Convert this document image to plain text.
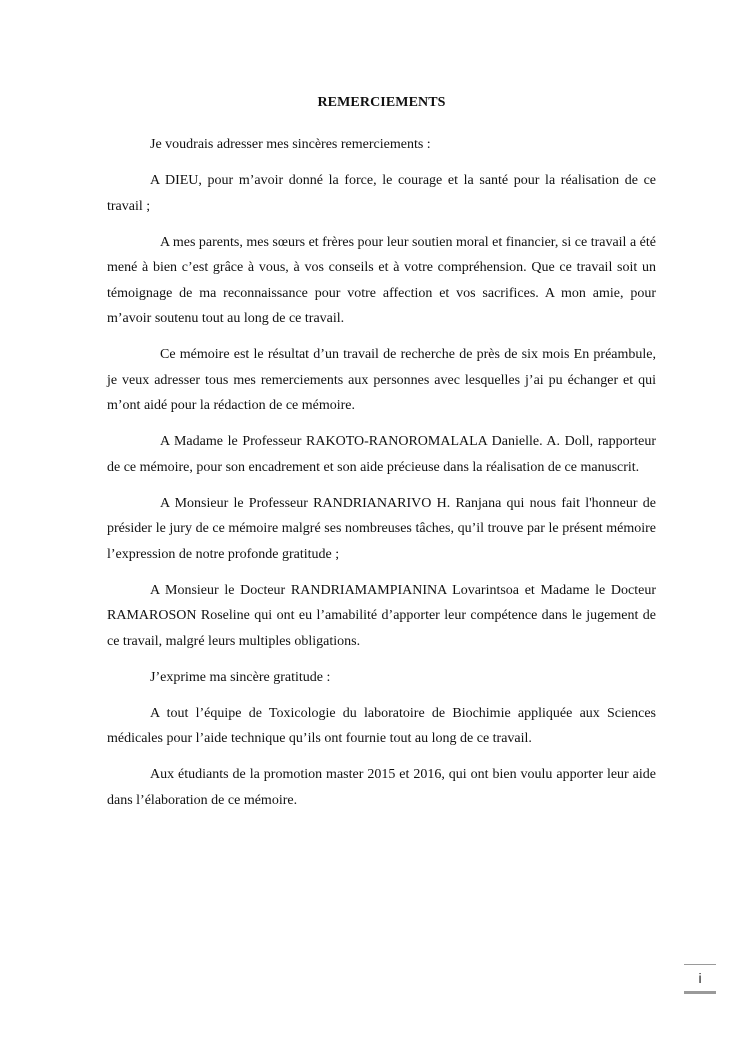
REMERCIEMENTS

Je voudrais adresser mes sincères remerciements :

A DIEU, pour m’avoir donné la force, le courage et la santé pour la réalisation de ce travail ;

A mes parents, mes sœurs et frères pour leur soutien moral et financier, si ce travail a été mené à bien c’est grâce à vous, à vos conseils et à votre compréhension. Que ce travail soit un témoignage de ma reconnaissance pour votre affection et vos sacrifices. A mon amie, pour m’avoir soutenu tout au long de ce travail.

Ce mémoire est le résultat d’un travail de recherche de près de six mois En préambule, je veux adresser tous mes remerciements aux personnes avec lesquelles j’ai pu échanger et qui m’ont aidé pour la rédaction de ce mémoire.

A Madame le Professeur RAKOTO-RANOROMALALA Danielle. A. Doll, rapporteur de ce mémoire, pour son encadrement et son aide précieuse dans la réalisation de ce manuscrit.

A Monsieur le Professeur RANDRIANARIVO H. Ranjana qui nous fait l'honneur de présider le jury de ce mémoire malgré ses nombreuses tâches, qu’il trouve par le présent mémoire l’expression de notre profonde gratitude ;

A Monsieur le Docteur RANDRIAMAMPIANINA Lovarintsoa et Madame le Docteur RAMAROSON Roseline qui ont eu l’amabilité d’apporter leur compétence dans le jugement de ce travail, malgré leurs multiples obligations.

J’exprime ma sincère gratitude :

A tout l’équipe de Toxicologie du laboratoire de Biochimie appliquée aux Sciences médicales pour l’aide technique qu’ils ont fournie tout au long de ce travail.

Aux étudiants de la promotion master 2015 et 2016, qui ont bien voulu apporter leur aide dans l’élaboration de ce mémoire.

i
